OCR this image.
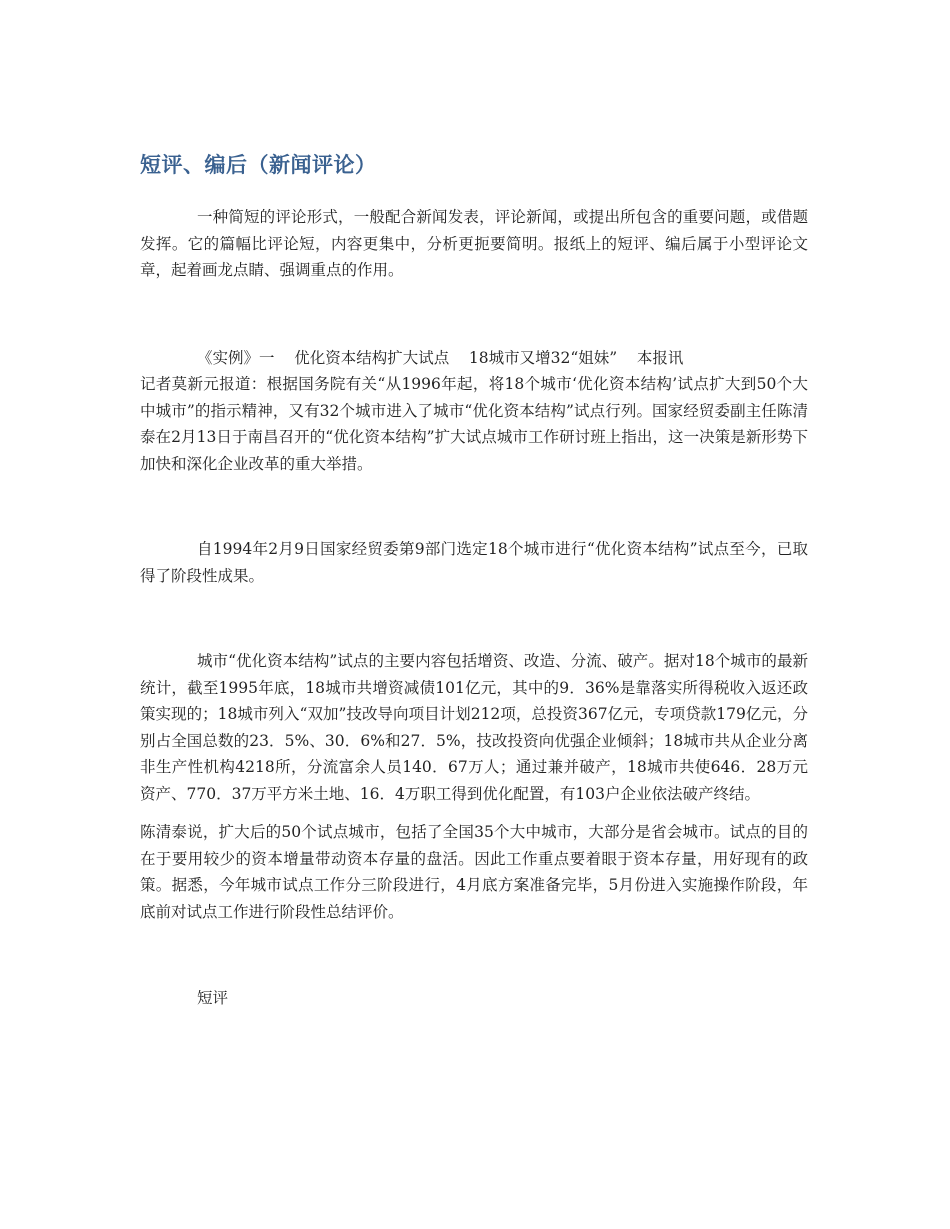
短评、编后（新闻评论）

一种简短的评论形式，一般配合新闻发表，评论新闻，或提出所包含的重要问题，或借题发挥。它的篇幅比评论短，内容更集中，分析更扼要简明。报纸上的短评、编后属于小型评论文章，起着画龙点睛、强调重点的作用。

《实例》一    优化资本结构扩大试点    18城市又增32“姐妹”    本报讯

记者莫新元报道：根据国务院有关“从1996年起，将18个城市‘优化资本结构’试点扩大到50个大中城市”的指示精神，又有32个城市进入了城市“优化资本结构”试点行列。国家经贸委副主任陈清泰在2月13日于南昌召开的“优化资本结构”扩大试点城市工作研讨班上指出，这一决策是新形势下加快和深化企业改革的重大举措。

自1994年2月9日国家经贸委第9部门选定18个城市进行“优化资本结构”试点至今，已取得了阶段性成果。

城市“优化资本结构”试点的主要内容包括增资、改造、分流、破产。据对18个城市的最新统计，截至1995年底，18城市共增资减债101亿元，其中的9．36%是靠落实所得税收入返还政策实现的；18城市列入“双加”技改导向项目计划212项，总投资367亿元，专项贷款179亿元，分别占全国总数的23．5%、30．6%和27．5%，技改投资向优强企业倾斜；18城市共从企业分离非生产性机构4218所，分流富余人员140．67万人；通过兼并破产，18城市共使646．28万元资产、770．37万平方米土地、16．4万职工得到优化配置，有103户企业依法破产终结。

陈清泰说，扩大后的50个试点城市，包括了全国35个大中城市，大部分是省会城市。试点的目的在于要用较少的资本增量带动资本存量的盘活。因此工作重点要着眼于资本存量，用好现有的政策。据悉，今年城市试点工作分三阶段进行，4月底方案准备完毕，5月份进入实施操作阶段，年底前对试点工作进行阶段性总结评价。

短评
